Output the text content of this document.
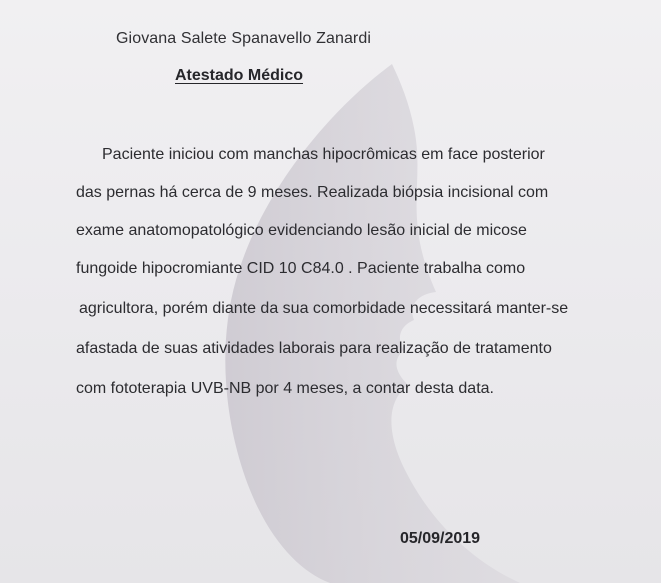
Giovana Salete Spanavello Zanardi
Atestado Médico
Paciente iniciou com manchas hipocrômicas em face posterior
das pernas há cerca de 9 meses. Realizada biópsia incisional com
exame anatomopatológico evidenciando lesão inicial de micose
fungoide hipocromiante CID 10 C84.0 . Paciente trabalha como
agricultora, porém diante da sua comorbidade necessitará manter-se
afastada de suas atividades laborais para realização de tratamento
com fototerapia UVB-NB por 4 meses, a contar desta data.
05/09/2019
